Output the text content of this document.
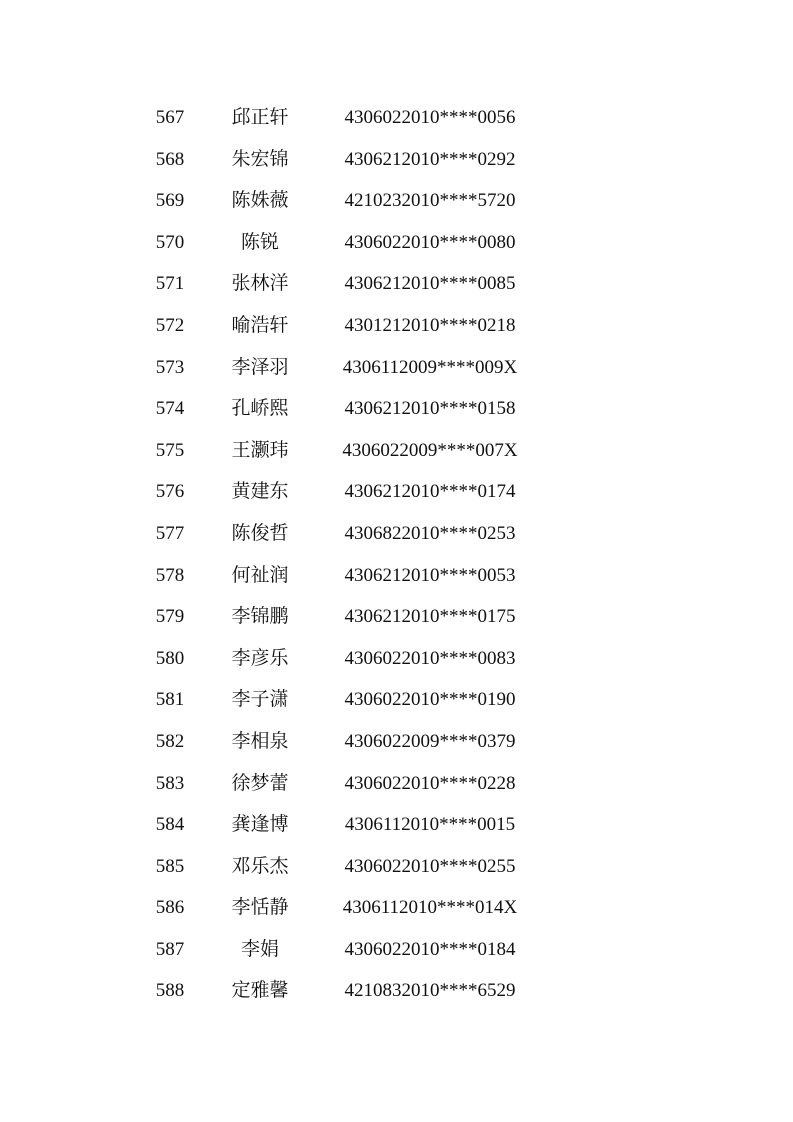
567	邱正轩	4306022010****0056
568	朱宏锦	4306212010****0292
569	陈姝薇	4210232010****5720
570	陈锐	4306022010****0080
571	张林洋	4306212010****0085
572	喻浩轩	4301212010****0218
573	李泽羽	4306112009****009X
574	孔峤熙	4306212010****0158
575	王灏玮	4306022009****007X
576	黄建东	4306212010****0174
577	陈俊哲	4306822010****0253
578	何祉润	4306212010****0053
579	李锦鹏	4306212010****0175
580	李彦乐	4306022010****0083
581	李子潇	4306022010****0190
582	李相泉	4306022009****0379
583	徐梦蕾	4306022010****0228
584	龚逢博	4306112010****0015
585	邓乐杰	4306022010****0255
586	李恬静	4306112010****014X
587	李娟	4306022010****0184
588	定雅馨	4210832010****6529
